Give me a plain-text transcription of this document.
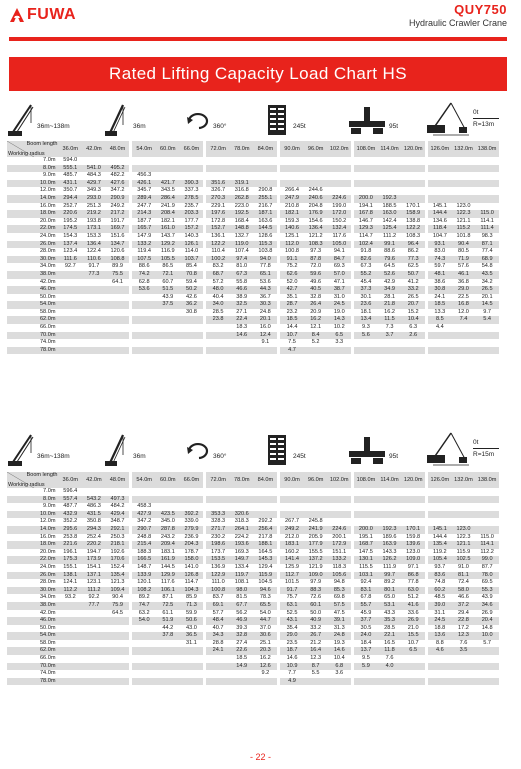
FUWA	QUY750
Hydraulic Crawler Crane
Rated Lifting Capacity Load Chart HS
36m~138m	36m	360°	245t	95t
0t
R=13m
Boom length
Working radius	36.0m	42.0m	48.0m		54.0m	60.0m	66.0m		72.0m	78.0m	84.0m		90.0m	96.0m	102.0m		108.0m	114.0m	120.0m		126.0m	132.0m	138.0m
7.0m	594.0																						
8.0m	555.1	541.0	495.2																				
9.0m	485.7	484.3	482.2		456.3																		
10.0m	431.1	429.7	427.6		426.1	421.7	390.3		351.6	319.1													
12.0m	350.7	349.3	347.2		345.7	343.5	337.3		326.7	316.8	290.8		266.4	244.6									
14.0m	294.4	293.0	290.9		289.4	286.4	278.5		270.3	262.8	255.1		247.9	240.6	224.6		200.0	192.3					
16.0m	252.7	251.3	249.2		247.7	241.9	235.7		229.1	223.0	216.7		210.8	204.8	199.0		194.1	188.5	170.1		145.1	123.0	
18.0m	220.6	219.2	217.2		214.3	208.4	203.3		197.6	192.5	187.1		182.1	176.9	172.0		167.8	163.0	158.9		144.4	122.3	115.0
20.0m	195.2	193.8	191.7		187.7	182.1	177.7		172.8	168.4	163.6		159.3	154.6	150.2		146.7	142.4	138.8		134.6	121.1	114.1
22.0m	174.5	173.1	169.7		165.7	161.0	157.2		152.7	148.8	144.5		140.6	136.4	132.4		129.3	125.4	122.2		118.4	115.2	111.4
24.0m	154.3	153.3	151.6		147.9	143.7	140.3		136.1	132.7	128.6		125.1	121.2	117.6		114.7	111.2	108.3		104.7	101.8	98.3
26.0m	137.4	136.4	134.7		133.2	129.2	126.1		122.2	119.0	115.3		112.0	108.3	105.0		102.4	99.1	96.4		93.1	90.4	87.1
28.0m	123.4	122.4	120.6		119.4	116.9	114.0		110.4	107.4	103.8		100.8	97.3	94.1		91.8	88.6	86.2		83.0	80.5	77.4
30.0m	111.6	110.6	108.8		107.5	105.5	103.7		100.2	97.4	94.0		91.1	87.8	84.7		82.6	79.6	77.3		74.3	71.9	68.9
34.0m	92.7	91.7	89.9		88.6	86.5	85.4		83.2	81.0	77.8		75.2	72.0	69.3		67.3	64.5	62.5		59.7	57.6	54.8
38.0m		77.3	75.5		74.2	72.1	70.8		68.7	67.3	65.1		62.6	59.6	57.0		55.2	52.6	50.7		48.1	46.1	43.5
42.0m			64.1		62.8	60.7	59.4		57.2	55.8	53.6		52.0	49.6	47.1		45.4	42.9	41.2		38.6	36.8	34.2
46.0m					53.6	51.5	50.2		48.0	46.6	44.3		42.7	40.5	38.7		37.3	34.9	33.2		30.8	29.0	26.5
50.0m						43.9	42.6		40.4	38.9	36.7		35.1	32.8	31.0		30.1	28.1	26.5		24.1	22.5	20.1
54.0m						37.5	36.2		34.0	32.5	30.3		28.7	26.4	24.5		23.6	21.8	20.7		18.5	16.8	14.5
58.0m							30.8		28.5	27.1	24.8		23.2	20.9	19.0		18.1	16.2	15.2		13.3	12.0	9.7
62.0m									23.8	22.4	20.1		18.5	16.2	14.3		13.4	11.5	10.4		8.5	7.4	5.4
66.0m										18.3	16.0		14.4	12.1	10.2		9.3	7.3	6.3		4.4		
70.0m										14.6	12.4		10.7	8.4	6.5		5.6	3.7	2.6				
74.0m											9.1		7.5	5.2	3.3								
78.0m													4.7										
36m~138m	36m	360°	245t	95t
0t
R=15m
Boom length
Working radius	36.0m	42.0m	48.0m		54.0m	60.0m	66.0m		72.0m	78.0m	84.0m		90.0m	96.0m	102.0m		108.0m	114.0m	120.0m		126.0m	132.0m	138.0m
7.0m	596.4																						
8.0m	557.4	543.2	497.3																				
9.0m	487.7	486.3	484.2		458.3																		
10.0m	432.9	431.5	429.4		427.9	423.5	392.2		353.3	320.6													
12.0m	352.2	350.8	348.7		347.2	345.0	339.0		328.3	318.3	292.2		267.7	245.8									
14.0m	295.6	294.3	292.1		290.7	287.8	279.9		271.7	264.1	256.4		249.2	241.9	224.6		200.0	192.3	170.1		145.1	123.0	
16.0m	253.8	252.4	250.3		248.8	243.2	236.9		230.2	224.2	217.8		212.0	205.9	200.1		195.1	189.6	159.8		144.4	122.3	115.0
18.0m	221.6	220.2	218.1		215.4	209.4	204.3		198.6	193.6	188.1		183.1	177.9	172.9		168.7	163.9	139.6		135.4	121.1	114.1
20.0m	196.1	194.7	192.6		188.3	183.1	178.7		173.7	169.3	164.5		160.2	155.5	151.1		147.5	143.3	123.0		119.2	115.9	112.2
22.0m	175.3	173.9	170.6		166.5	161.9	158.0		153.5	149.7	145.3		141.4	137.2	133.2		130.1	126.2	109.0		105.4	102.5	99.0
24.0m	155.1	154.1	152.4		148.7	144.5	141.0		136.9	133.4	129.4		125.9	121.9	118.3		115.5	111.9	97.1		93.7	91.0	87.7
26.0m	138.1	137.1	135.4		133.9	129.9	126.8		122.9	119.7	115.9		112.7	109.0	105.6		103.1	99.7	86.8		83.6	81.1	78.0
28.0m	124.1	123.1	121.3		120.1	117.6	114.7		111.0	108.1	104.5		101.5	97.9	94.8		92.4	89.2	77.8		74.8	72.4	69.5
30.0m	112.2	111.2	109.4		108.2	106.1	104.3		100.8	98.0	94.6		91.7	88.3	85.3		83.1	80.1	63.0		60.2	58.0	55.3
34.0m	93.2	92.2	90.4		89.2	87.1	85.9		83.7	81.5	78.3		75.7	72.6	69.8		67.8	65.0	51.2		48.5	46.6	43.9
38.0m		77.7	75.9		74.7	72.5	71.3		69.1	67.7	65.5		63.1	60.1	57.5		55.7	53.1	41.6		39.0	37.2	34.6
42.0m			64.5		63.2	61.1	59.9		57.7	56.2	54.0		52.5	50.0	47.5		45.9	43.3	33.6		31.1	29.4	26.9
46.0m					54.0	51.9	50.6		48.4	46.9	44.7		43.1	40.9	39.1		37.7	35.3	26.9		24.5	22.8	20.4
50.0m						44.2	43.0		40.7	39.3	37.0		35.4	33.2	31.3		30.5	28.5	21.0		18.8	17.2	14.8
54.0m						37.8	36.5		34.3	32.8	30.6		29.0	26.7	24.8		24.0	22.1	15.5		13.6	12.3	10.0
58.0m							31.1		28.8	27.4	25.1		23.5	21.2	19.3		18.4	16.5	10.7		8.8	7.6	5.7
62.0m									24.1	22.6	20.3		18.7	16.4	14.6		13.7	11.8	6.5		4.6	3.5	
66.0m										18.5	16.2		14.6	12.3	10.4		9.5	7.6					
70.0m										14.9	12.6		10.9	8.7	6.8		5.9	4.0					
74.0m											9.2		7.7	5.5	3.6								
78.0m													4.9										
- 22 -
